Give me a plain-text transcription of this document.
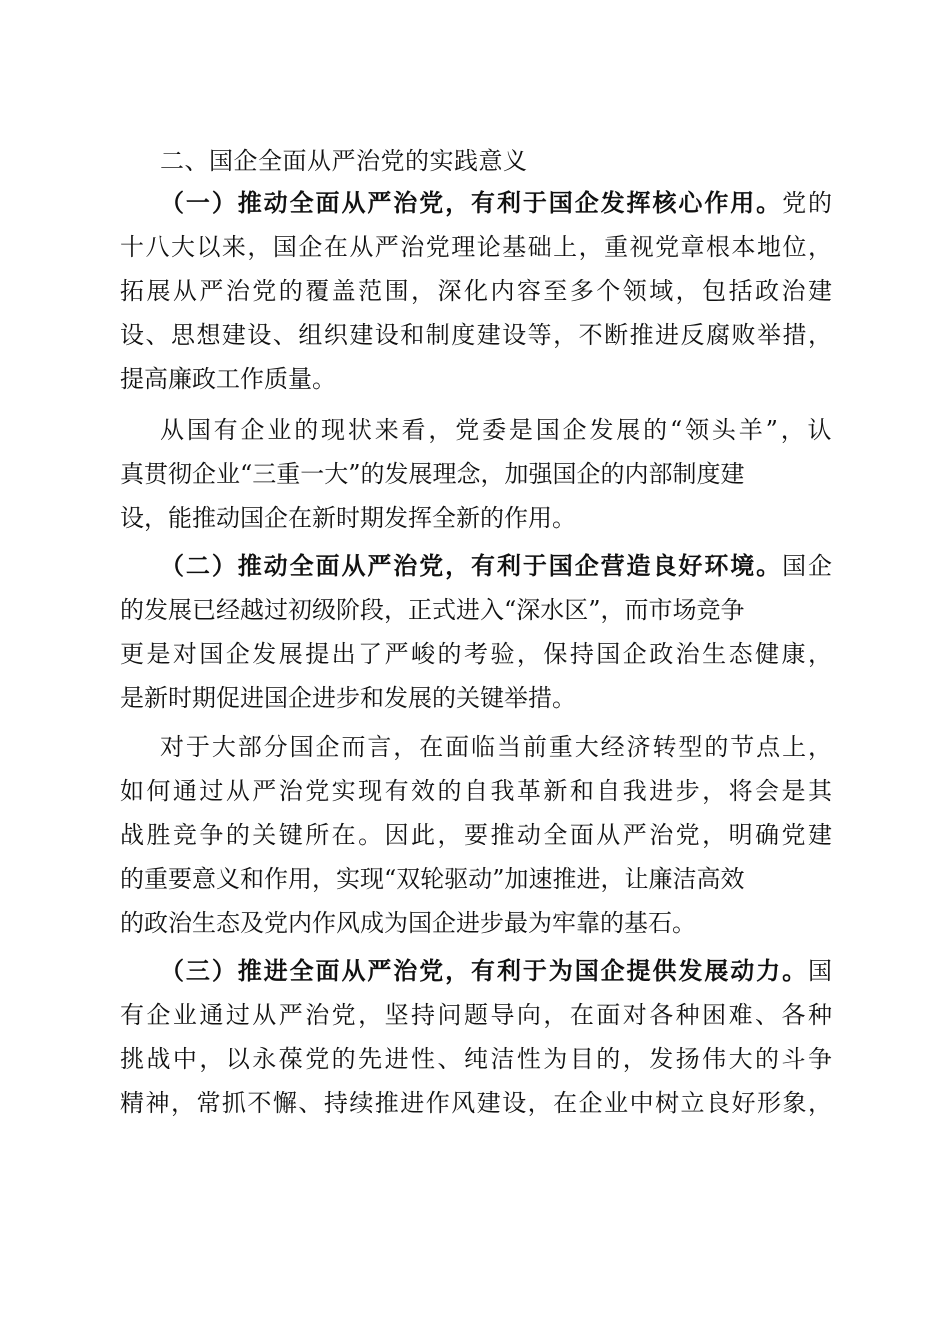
二、国企全面从严治党的实践意义

（一）推动全面从严治党，有利于国企发挥核心作用。党的

十八大以来，国企在从严治党理论基础上，重视党章根本地位，

拓展从严治党的覆盖范围，深化内容至多个领域，包括政治建

设、思想建设、组织建设和制度建设等，不断推进反腐败举措，

提高廉政工作质量。

从国有企业的现状来看，党委是国企发展的“领头羊”，认

真贯彻企业“三重一大”的发展理念，加强国企的内部制度建

设，能推动国企在新时期发挥全新的作用。

（二）推动全面从严治党，有利于国企营造良好环境。国企

的发展已经越过初级阶段，正式进入“深水区”，而市场竞争

更是对国企发展提出了严峻的考验，保持国企政治生态健康，

是新时期促进国企进步和发展的关键举措。

对于大部分国企而言，在面临当前重大经济转型的节点上，

如何通过从严治党实现有效的自我革新和自我进步，将会是其

战胜竞争的关键所在。因此，要推动全面从严治党，明确党建

的重要意义和作用，实现“双轮驱动”加速推进，让廉洁高效

的政治生态及党内作风成为国企进步最为牢靠的基石。

（三）推进全面从严治党，有利于为国企提供发展动力。国

有企业通过从严治党，坚持问题导向，在面对各种困难、各种

挑战中，以永葆党的先进性、纯洁性为目的，发扬伟大的斗争

精神，常抓不懈、持续推进作风建设，在企业中树立良好形象，
